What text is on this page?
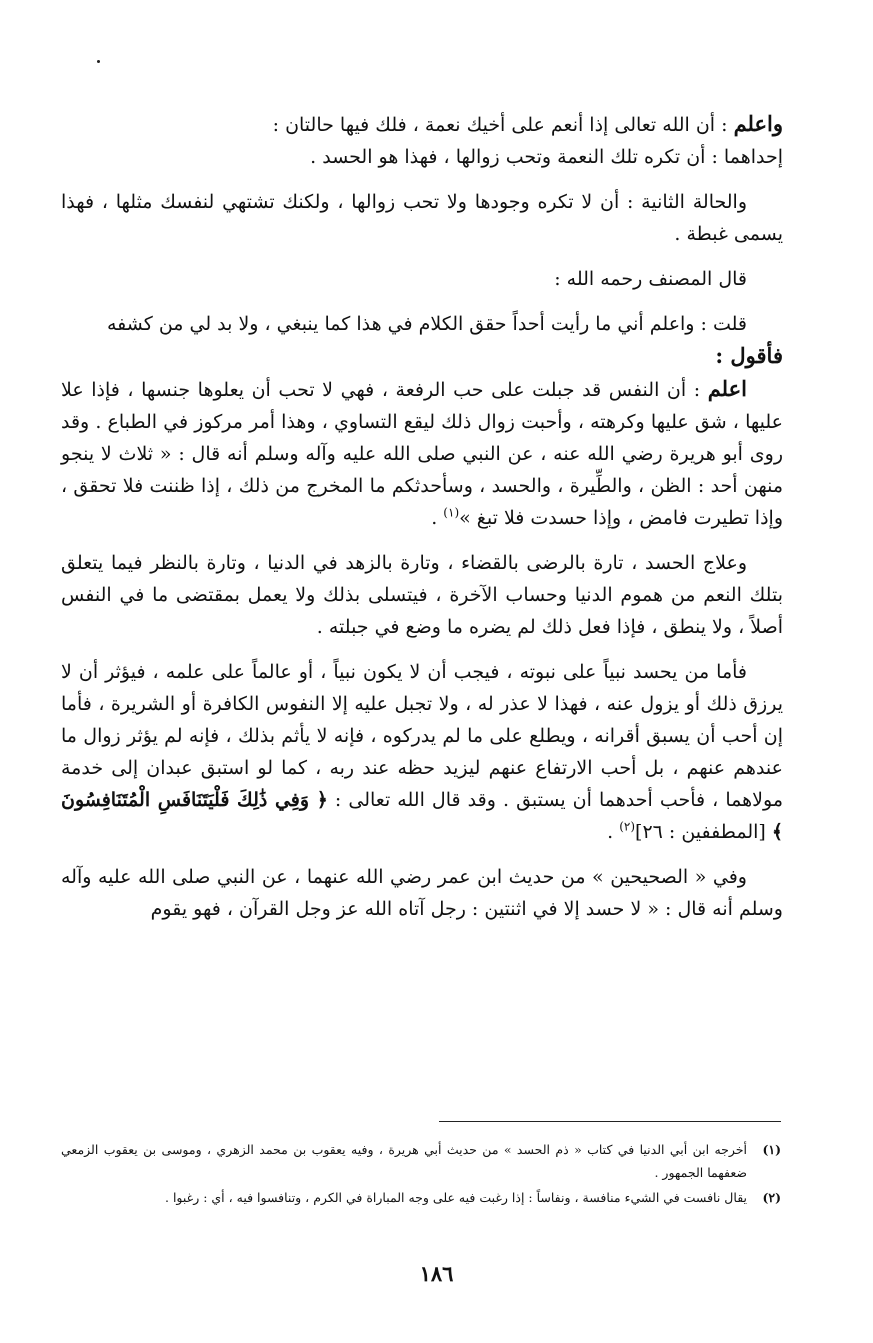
واعلم : أن الله تعالى إذا أنعم على أخيك نعمة ، فلك فيها حالتان :

إحداهما : أن تكره تلك النعمة وتحب زوالها ، فهذا هو الحسد .

والحالة الثانية : أن لا تكره وجودها ولا تحب زوالها ، ولكنك تشتهي لنفسك مثلها ، فهذا يسمى غبطة .

قال المصنف رحمه الله :

قلت : واعلم أني ما رأيت أحداً حقق الكلام في هذا كما ينبغي ، ولا بد لي من كشفه

فأقول :

اعلم : أن النفس قد جبلت على حب الرفعة ، فهي لا تحب أن يعلوها جنسها ، فإذا علا عليها ، شق عليها وكرهته ، وأحبت زوال ذلك ليقع التساوي ، وهذا أمر مركوز في الطباع . وقد روى أبو هريرة رضي الله عنه ، عن النبي صلى الله عليه وآله وسلم أنه قال : « ثلاث لا ينجو منهن أحد : الظن ، والطِّيرة ، والحسد ، وسأحدثكم ما المخرج من ذلك ، إذا ظننت فلا تحقق ، وإذا تطيرت فامض ، وإذا حسدت فلا تبغ »$^{(١)}$ .

وعلاج الحسد ، تارة بالرضى بالقضاء ، وتارة بالزهد في الدنيا ، وتارة بالنظر فيما يتعلق بتلك النعم من هموم الدنيا وحساب الآخرة ، فيتسلى بذلك ولا يعمل بمقتضى ما في النفس أصلاً ، ولا ينطق ، فإذا فعل ذلك لم يضره ما وضع في جبلته .

فأما من يحسد نبياً على نبوته ، فيجب أن لا يكون نبياً ، أو عالماً على علمه ، فيؤثر أن لا يرزق ذلك أو يزول عنه ، فهذا لا عذر له ، ولا تجبل عليه إلا النفوس الكافرة أو الشريرة ، فأما إن أحب أن يسبق أقرانه ، ويطلع على ما لم يدركوه ، فإنه لا يأثم بذلك ، فإنه لم يؤثر زوال ما عندهم عنهم ، بل أحب الارتفاع عنهم ليزيد حظه عند ربه ، كما لو استبق عبدان إلى خدمة مولاهما ، فأحب أحدهما أن يستبق . وقد قال الله تعالى : ﴿ وَفِي ذَٰلِكَ فَلْيَتَنَافَسِ الْمُتَنَافِسُونَ ﴾ [المطففين : ٢٦]$^{(٢)}$ .

وفي « الصحيحين » من حديث ابن عمر رضي الله عنهما ، عن النبي صلى الله عليه وآله وسلم أنه قال : « لا حسد إلا في اثنتين : رجل آتاه الله عز وجل القرآن ، فهو يقوم

(١)
أخرجه ابن أبي الدنيا في كتاب « ذم الحسد » من حديث أبي هريرة ، وفيه يعقوب بن محمد الزهري ، وموسى بن يعقوب الزمعي ضعفهما الجمهور .

(٢)
يقال نافست في الشيء منافسة ، ونفاساً : إذا رغبت فيه على وجه المباراة في الكرم ، وتنافسوا فيه ، أي : رغبوا .

١٨٦
